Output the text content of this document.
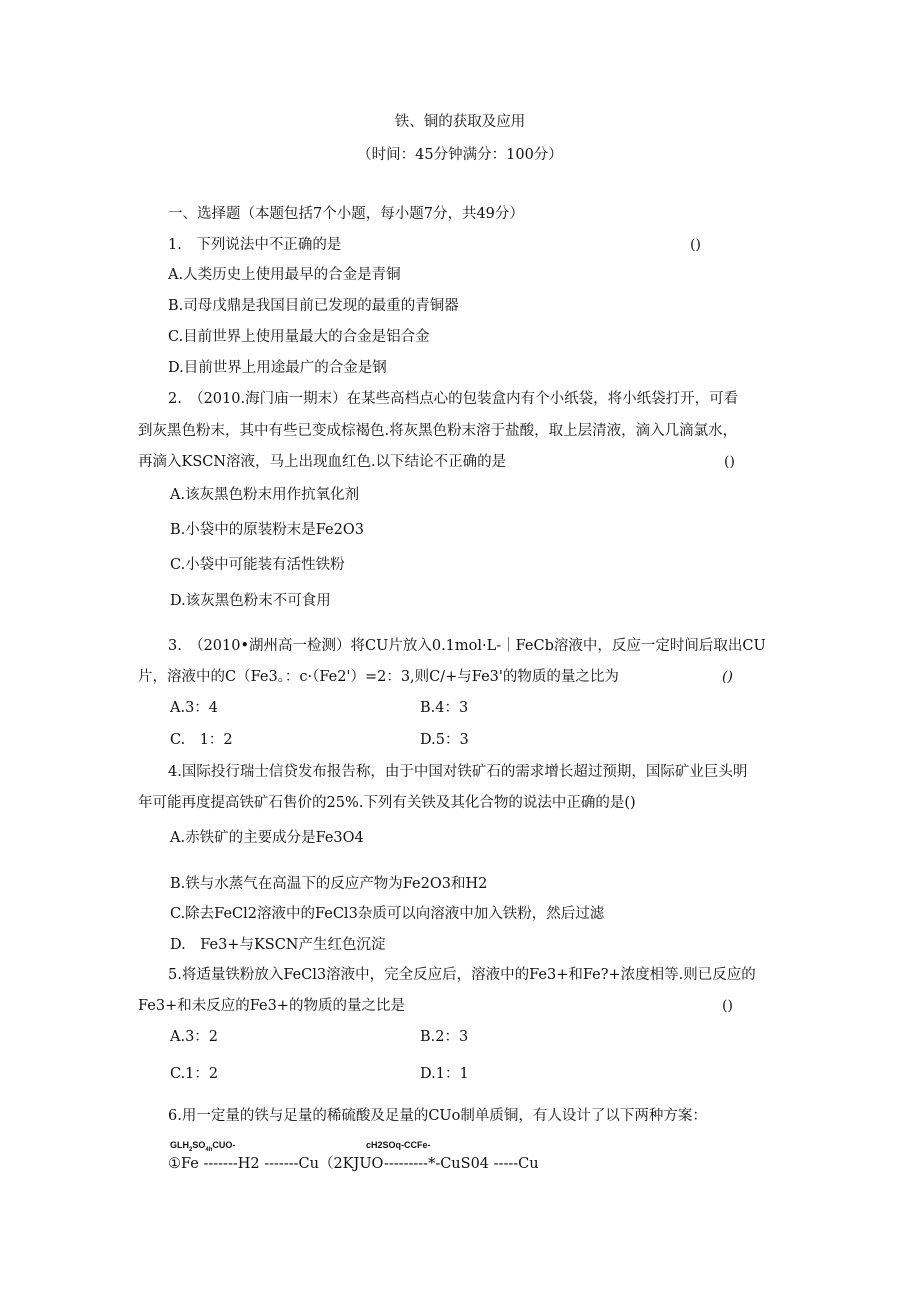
铁、铜的获取及应用
（时间：45分钟满分：100分）
一、选择题（本题包括7个小题，每小题7分，共49分）
1.　下列说法中不正确的是	()
A.人类历史上使用最早的合金是青铜
B.司母戊鼎是我国目前已发现的最重的青铜器
C.目前世界上使用量最大的合金是铝合金
D.目前世界上用途最广的合金是钢
2.　（2010.海门庙一期末）在某些高档点心的包装盒内有个小纸袋，将小纸袋打开，可看
到灰黑色粉末，其中有些已变成棕褐色.将灰黑色粉末溶于盐酸，取上层清液，滴入几滴氯水，
再滴入KSCN溶液，马上出现血红色.以下结论不正确的是	()
A.该灰黑色粉末用作抗氧化剂
B.小袋中的原装粉末是Fe2O3
C.小袋中可能装有活性铁粉
D.该灰黑色粉末不可食用
3.　（2010•湖州高一检测）将CU片放入0.1mol·L-｜FeCb溶液中，反应一定时间后取出CU
片，溶液中的C（Fe3。：c·（Fe2'）=2：3,则C/+与Fe3'的物质的量之比为	()
A.3：4	B.4：3
C.　1：2	D.5：3
4.国际投行瑞士信贷发布报告称，由于中国对铁矿石的需求增长超过预期，国际矿业巨头明
年可能再度提高铁矿石售价的25%.下列有关铁及其化合物的说法中正确的是()
A.赤铁矿的主要成分是Fe3O4
B.铁与水蒸气在高温下的反应产物为Fe2O3和H2
C.除去FeCl2溶液中的FeCl3杂质可以向溶液中加入铁粉，然后过滤
D.　Fe3+与KSCN产生红色沉淀
5.将适量铁粉放入FeCl3溶液中，完全反应后，溶液中的Fe3+和Fe?+浓度相等.则已反应的
Fe3+和未反应的Fe3+的物质的量之比是	()
A.3：2	B.2：3
C.1：2	D.1：1
6.用一定量的铁与足量的稀硫酸及足量的CUo制单质铜，有人设计了以下两种方案：
$GLH_2SO_{4h}CUO-$	cH2SOq-CCFe-
①Fe -------H2 -------Cu（2KJUO---------*-CuS04 -----Cu
